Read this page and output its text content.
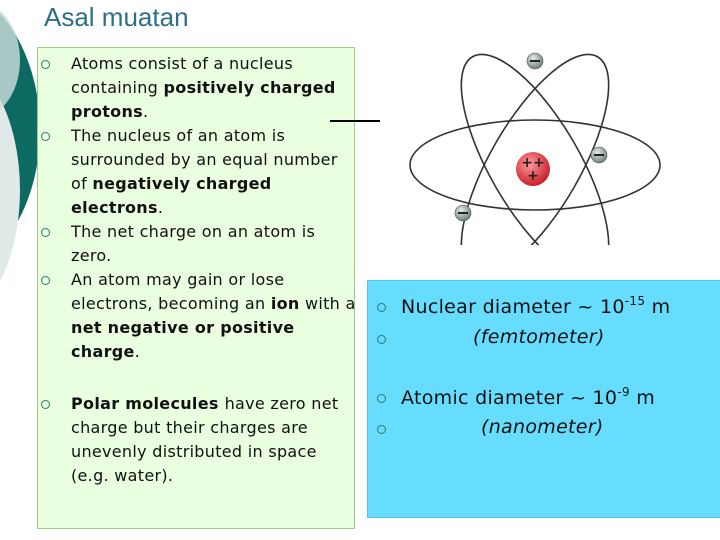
Asal muatan
Atoms consist of a nucleus containing positively charged protons.
The nucleus of an atom is surrounded by an equal number of negatively charged electrons.
The net charge on an atom is zero.
An atom may gain or lose electrons, becoming an ion with a net negative or positive charge.
Polar molecules have zero net charge but their charges are unevenly distributed in space (e.g. water).
Nuclear diameter ~ $10^{-15}$ m
(femtometer)
Atomic diameter ~ $10^{-9}$ m
(nanometer)
++
+
